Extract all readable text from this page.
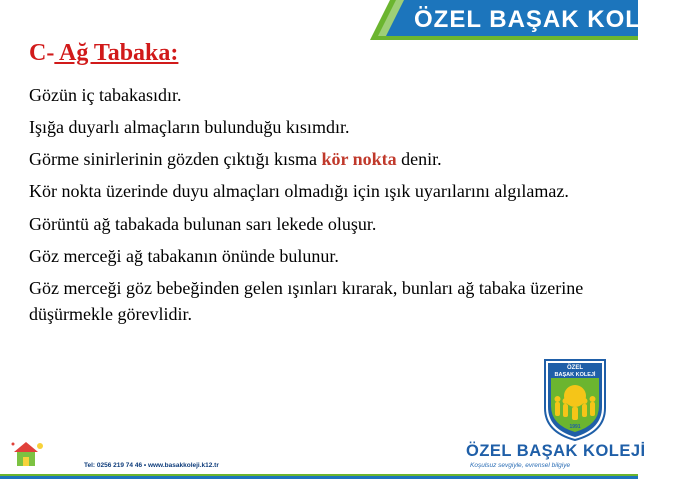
ÖZEL BAŞAK KOLEJİ
C- Ağ Tabaka:
Gözün iç tabakasıdır.
Işığa duyarlı almaçların bulunduğu kısımdır.
Görme sinirlerinin gözden çıktığı kısma kör nokta denir.
Kör nokta üzerinde duyu almaçları olmadığı için ışık uyarılarını algılamaz.
Görüntü ağ tabakada bulunan sarı lekede oluşur.
Göz merceği ağ tabakanın önünde bulunur.
Göz merceği göz bebeğinden gelen ışınları kırarak, bunları ağ tabaka üzerine düşürmekle görevlidir.
ÖZEL
BAŞAK KOLEJİ
1991
ÖZEL BAŞAK KOLEJİ
Koşulsuz sevgiyle, evrensel bilgiye
Tel: 0256 219 74 46 • www.basakkoleji.k12.tr
